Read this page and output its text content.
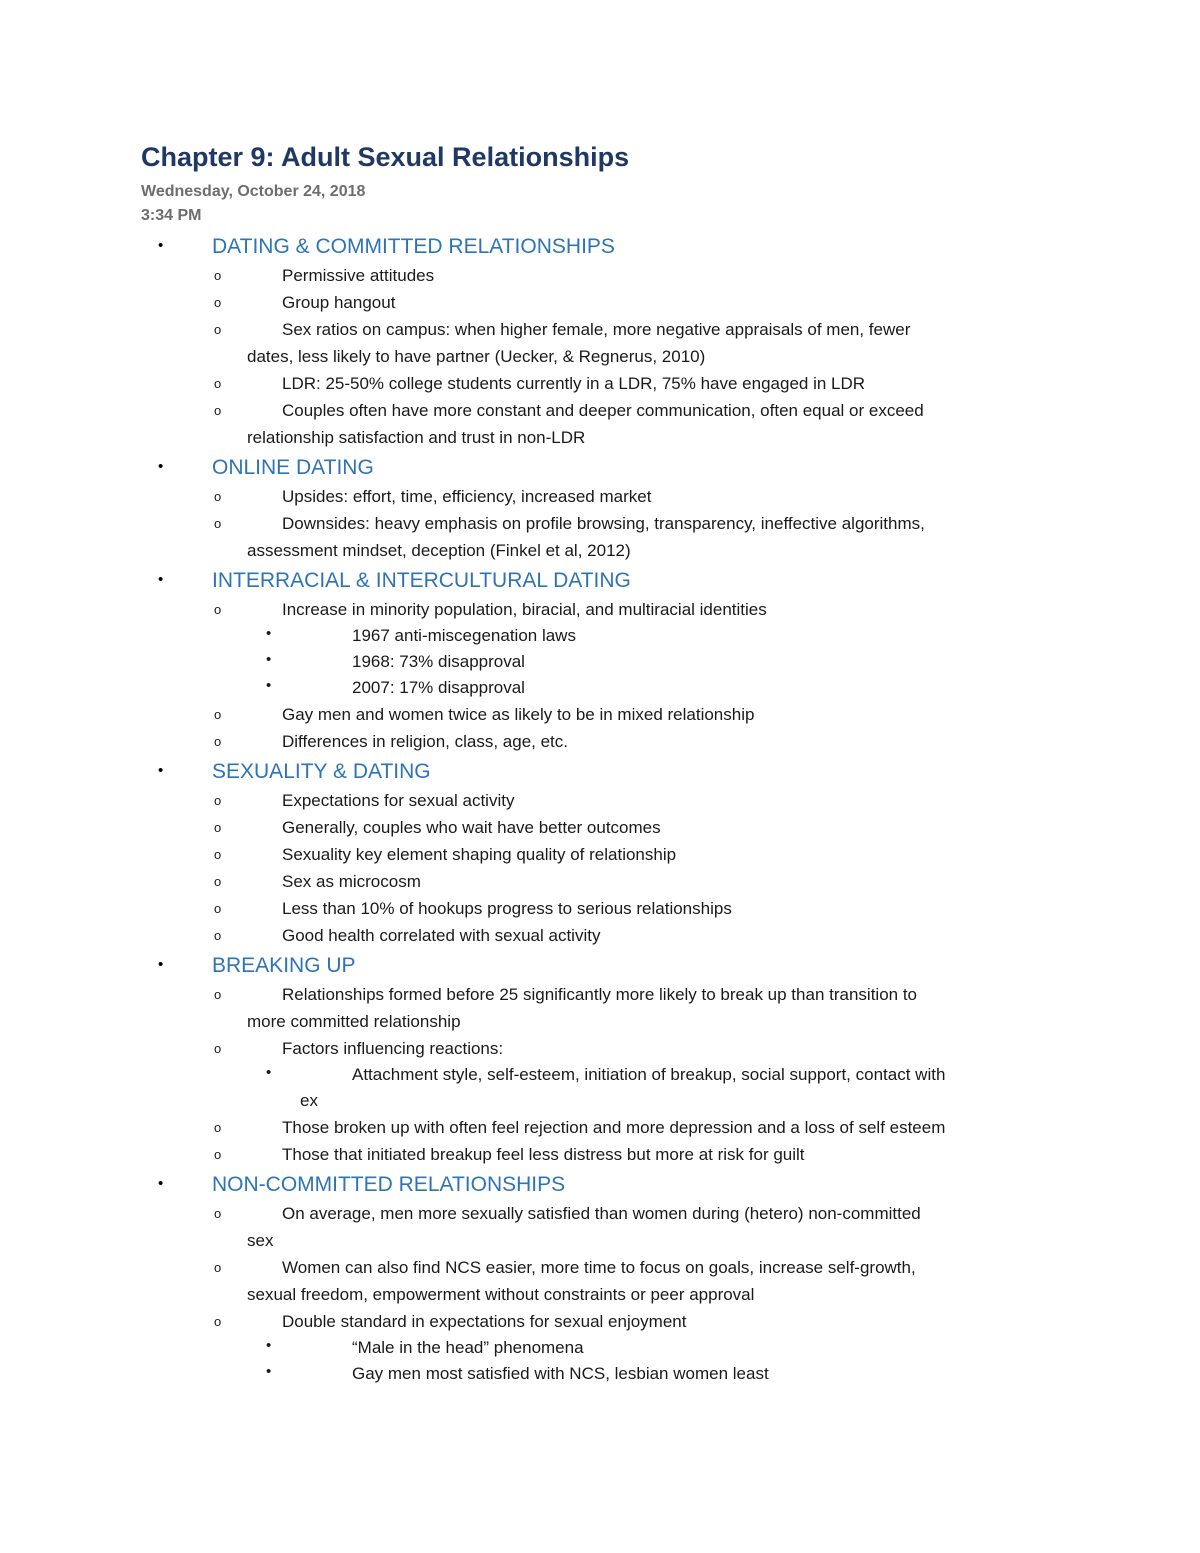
Chapter 9: Adult Sexual Relationships
Wednesday, October 24, 2018
3:34 PM
• DATING & COMMITTED RELATIONSHIPS
o	Permissive attitudes
o	Group hangout
o	Sex ratios on campus: when higher female, more negative appraisals of men, fewer
dates, less likely to have partner (Uecker, & Regnerus, 2010)
o	LDR: 25-50% college students currently in a LDR, 75% have engaged in LDR
o	Couples often have more constant and deeper communication, often equal or exceed
relationship satisfaction and trust in non-LDR
• ONLINE DATING
o	Upsides: effort, time, efficiency, increased market
o	Downsides: heavy emphasis on profile browsing, transparency, ineffective algorithms,
assessment mindset, deception (Finkel et al, 2012)
• INTERRACIAL & INTERCULTURAL DATING
o	Increase in minority population, biracial, and multiracial identities
•	1967 anti-miscegenation laws
•	1968: 73% disapproval
•	2007: 17% disapproval
o	Gay men and women twice as likely to be in mixed relationship
o	Differences in religion, class, age, etc.
• SEXUALITY & DATING
o	Expectations for sexual activity
o	Generally, couples who wait have better outcomes
o	Sexuality key element shaping quality of relationship
o	Sex as microcosm
o	Less than 10% of hookups progress to serious relationships
o	Good health correlated with sexual activity
• BREAKING UP
o	Relationships formed before 25 significantly more likely to break up than transition to
more committed relationship
o	Factors influencing reactions:
•	Attachment style, self-esteem, initiation of breakup, social support, contact with
ex
o	Those broken up with often feel rejection and more depression and a loss of self esteem
o	Those that initiated breakup feel less distress but more at risk for guilt
• NON-COMMITTED RELATIONSHIPS
o	On average, men more sexually satisfied than women during (hetero) non-committed
sex
o	Women can also find NCS easier, more time to focus on goals, increase self-growth,
sexual freedom, empowerment without constraints or peer approval
o	Double standard in expectations for sexual enjoyment
•	“Male in the head” phenomena
•	Gay men most satisfied with NCS, lesbian women least
